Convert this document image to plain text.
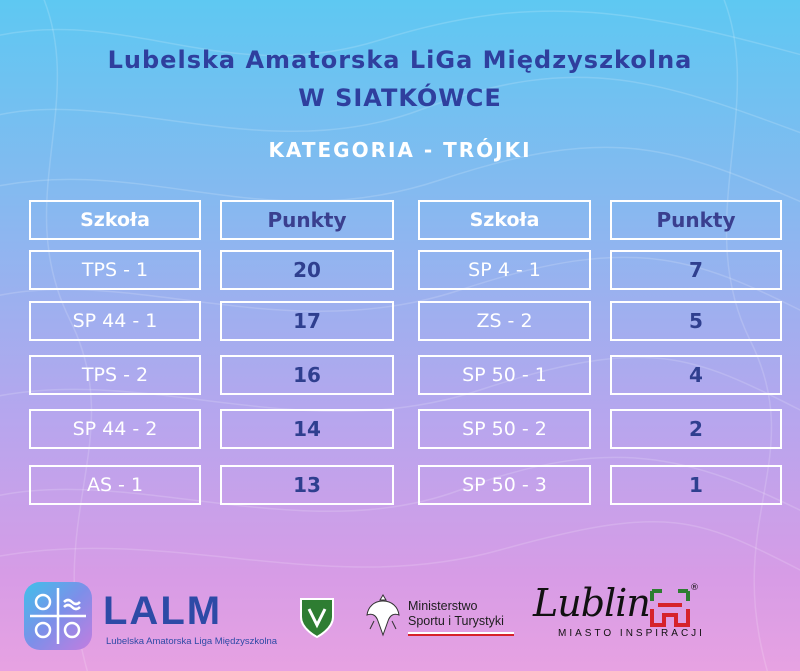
Lubelska Amatorska LiGa Międzyszkolna
W SIATKÓWCE
KATEGORIA - TRÓJKI
Szkoła	Punkty
TPS - 1	20
SP 44 - 1	17
TPS - 2	16
SP 44 - 2	14
AS - 1	13
Szkoła	Punkty
SP 4 - 1	7
ZS - 2	5
SP 50 - 1	4
SP 50 - 2	2
SP 50 - 3	1
LALM
Lubelska Amatorska Liga Międzyszkolna
Ministerstwo
Sportu i Turystyki Lublin
MIASTO INSPIRACJI
®
